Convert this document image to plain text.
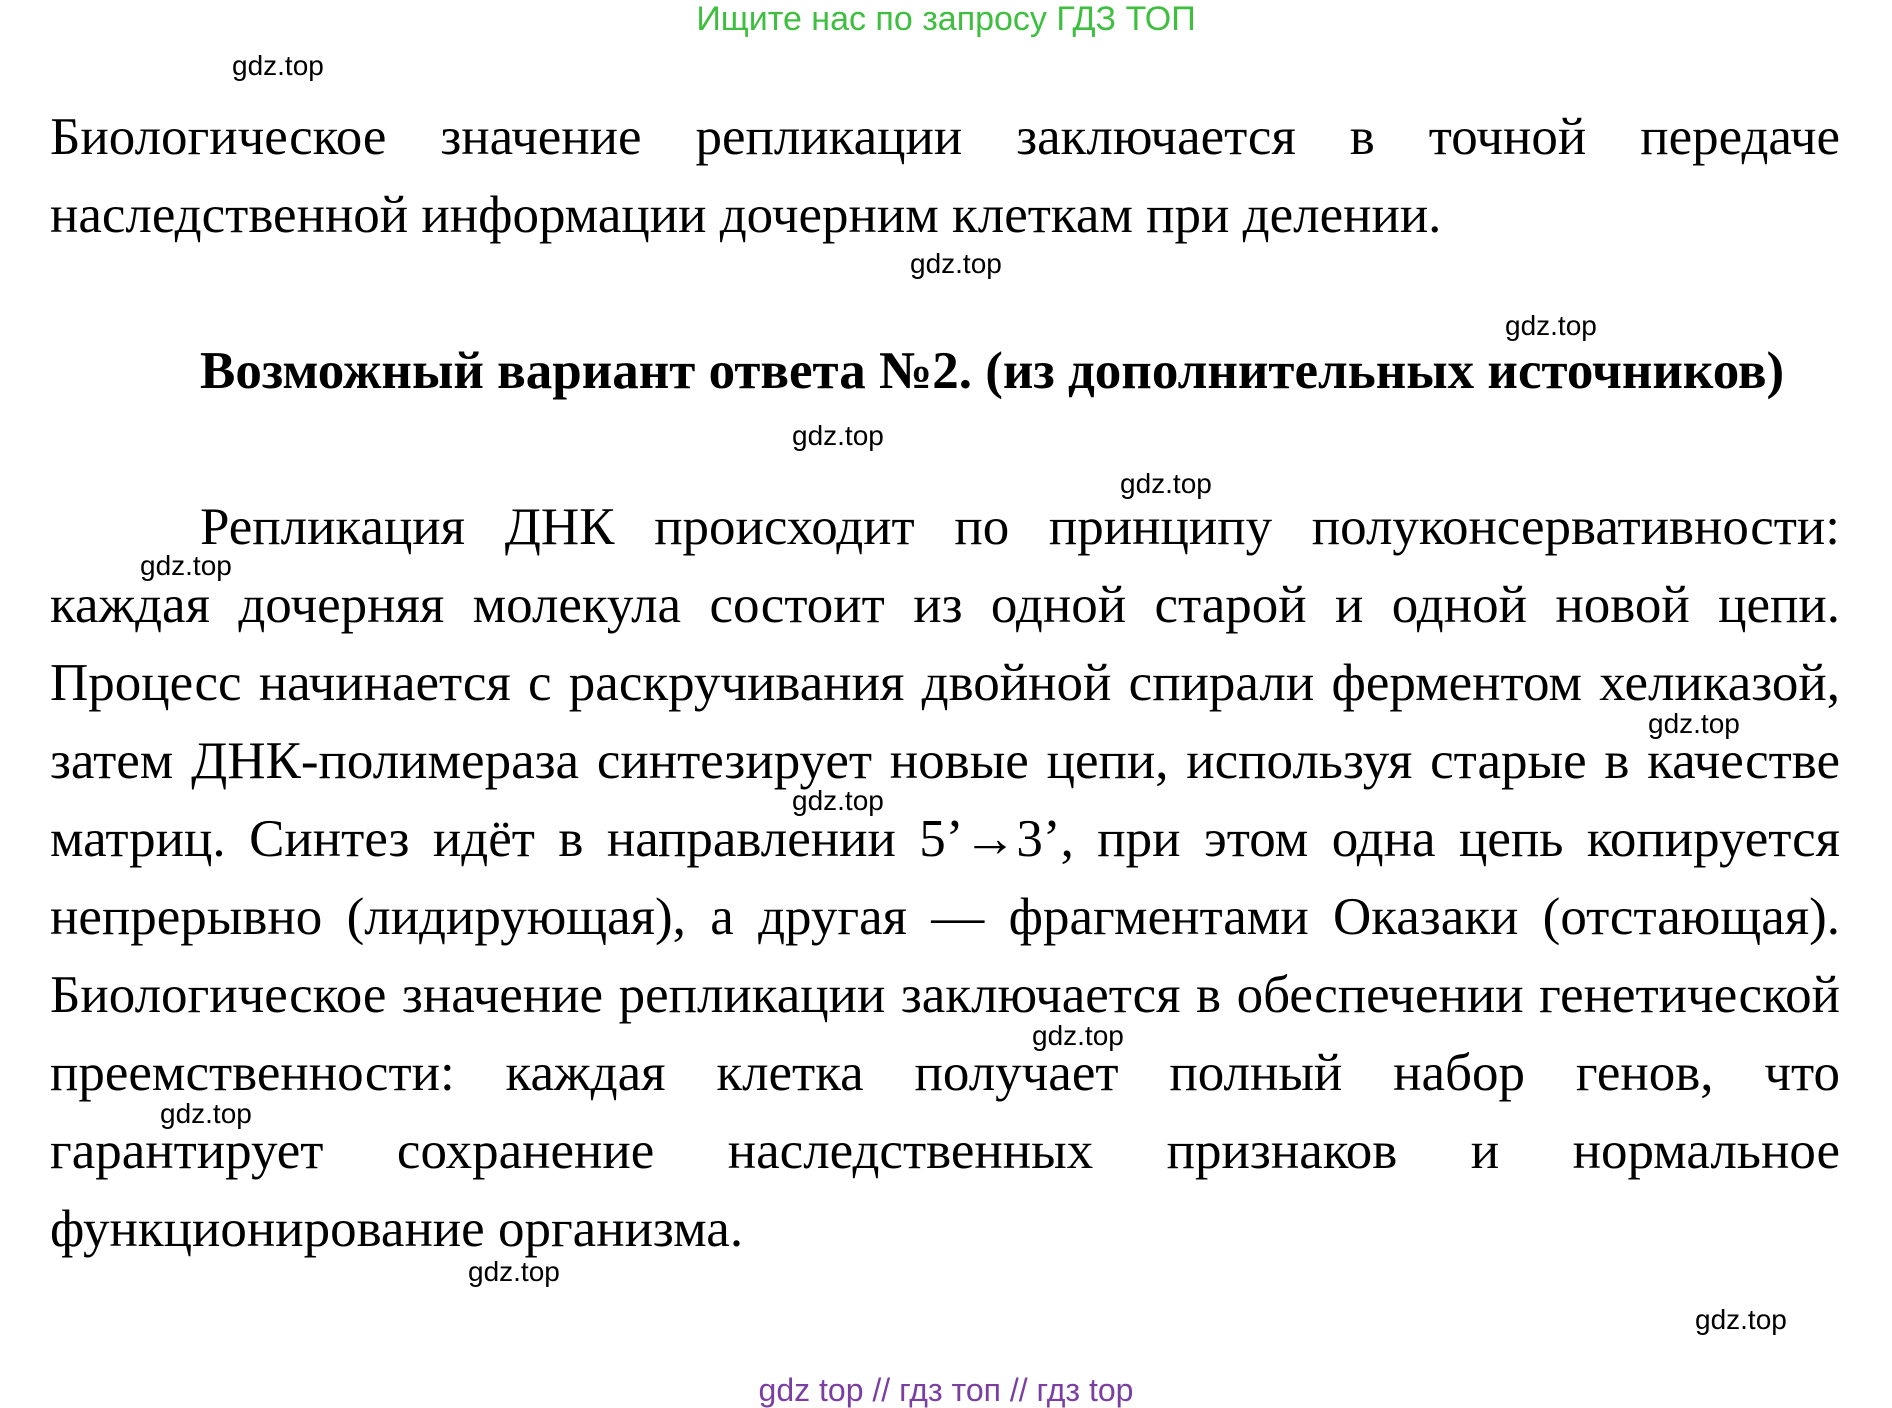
Ищите нас по запросу ГДЗ ТОП

Биологическое значение репликации заключается в точной передаче наследственной информации дочерним клеткам при делении.

Возможный вариант ответа №2. (из дополнительных источников)

Репликация ДНК происходит по принципу полуконсервативности: каждая дочерняя молекула состоит из одной старой и одной новой цепи. Процесс начинается с раскручивания двойной спирали ферментом хеликазой, затем ДНК-полимераза синтезирует новые цепи, используя старые в качестве матриц. Синтез идёт в направлении 5’→3’, при этом одна цепь копируется непрерывно (лидирующая), а другая — фрагментами Оказаки (отстающая). Биологическое значение репликации заключается в обеспечении генетической преемственности: каждая клетка получает полный набор генов, что гарантирует сохранение наследственных признаков и нормальное функционирование организма.

gdz.top
gdz.top
gdz.top
gdz.top
gdz.top
gdz.top
gdz.top
gdz.top
gdz.top
gdz.top
gdz.top
gdz.top
gdz top // гдз топ // гдз top
